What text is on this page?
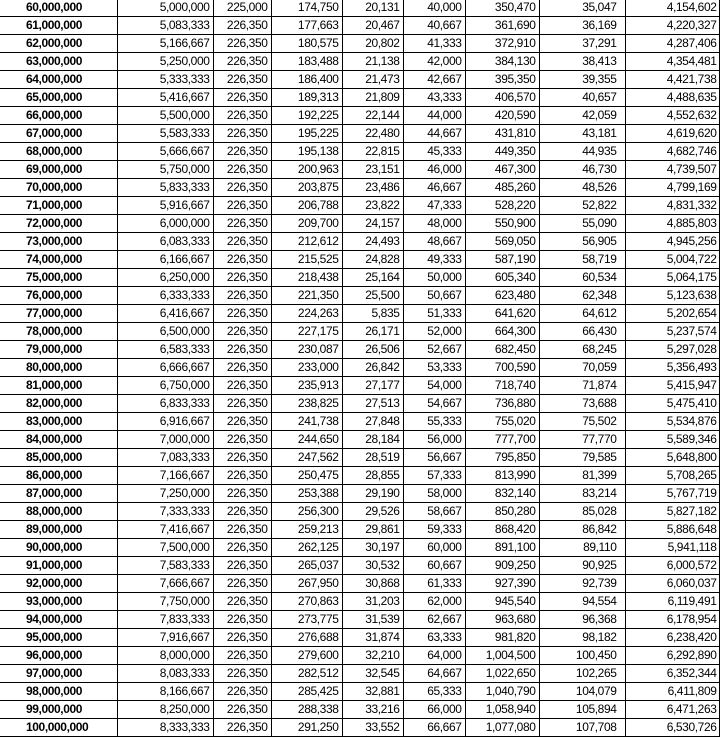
60,000,000	5,000,000	225,000	174,750	20,131	40,000	350,470	35,047	4,154,602
61,000,000	5,083,333	226,350	177,663	20,467	40,667	361,690	36,169	4,220,327
62,000,000	5,166,667	226,350	180,575	20,802	41,333	372,910	37,291	4,287,406
63,000,000	5,250,000	226,350	183,488	21,138	42,000	384,130	38,413	4,354,481
64,000,000	5,333,333	226,350	186,400	21,473	42,667	395,350	39,355	4,421,738
65,000,000	5,416,667	226,350	189,313	21,809	43,333	406,570	40,657	4,488,635
66,000,000	5,500,000	226,350	192,225	22,144	44,000	420,590	42,059	4,552,632
67,000,000	5,583,333	226,350	195,225	22,480	44,667	431,810	43,181	4,619,620
68,000,000	5,666,667	226,350	195,138	22,815	45,333	449,350	44,935	4,682,746
69,000,000	5,750,000	226,350	200,963	23,151	46,000	467,300	46,730	4,739,507
70,000,000	5,833,333	226,350	203,875	23,486	46,667	485,260	48,526	4,799,169
71,000,000	5,916,667	226,350	206,788	23,822	47,333	528,220	52,822	4,831,332
72,000,000	6,000,000	226,350	209,700	24,157	48,000	550,900	55,090	4,885,803
73,000,000	6,083,333	226,350	212,612	24,493	48,667	569,050	56,905	4,945,256
74,000,000	6,166,667	226,350	215,525	24,828	49,333	587,190	58,719	5,004,722
75,000,000	6,250,000	226,350	218,438	25,164	50,000	605,340	60,534	5,064,175
76,000,000	6,333,333	226,350	221,350	25,500	50,667	623,480	62,348	5,123,638
77,000,000	6,416,667	226,350	224,263	5,835	51,333	641,620	64,612	5,202,654
78,000,000	6,500,000	226,350	227,175	26,171	52,000	664,300	66,430	5,237,574
79,000,000	6,583,333	226,350	230,087	26,506	52,667	682,450	68,245	5,297,028
80,000,000	6,666,667	226,350	233,000	26,842	53,333	700,590	70,059	5,356,493
81,000,000	6,750,000	226,350	235,913	27,177	54,000	718,740	71,874	5,415,947
82,000,000	6,833,333	226,350	238,825	27,513	54,667	736,880	73,688	5,475,410
83,000,000	6,916,667	226,350	241,738	27,848	55,333	755,020	75,502	5,534,876
84,000,000	7,000,000	226,350	244,650	28,184	56,000	777,700	77,770	5,589,346
85,000,000	7,083,333	226,350	247,562	28,519	56,667	795,850	79,585	5,648,800
86,000,000	7,166,667	226,350	250,475	28,855	57,333	813,990	81,399	5,708,265
87,000,000	7,250,000	226,350	253,388	29,190	58,000	832,140	83,214	5,767,719
88,000,000	7,333,333	226,350	256,300	29,526	58,667	850,280	85,028	5,827,182
89,000,000	7,416,667	226,350	259,213	29,861	59,333	868,420	86,842	5,886,648
90,000,000	7,500,000	226,350	262,125	30,197	60,000	891,100	89,110	5,941,118
91,000,000	7,583,333	226,350	265,037	30,532	60,667	909,250	90,925	6,000,572
92,000,000	7,666,667	226,350	267,950	30,868	61,333	927,390	92,739	6,060,037
93,000,000	7,750,000	226,350	270,863	31,203	62,000	945,540	94,554	6,119,491
94,000,000	7,833,333	226,350	273,775	31,539	62,667	963,680	96,368	6,178,954
95,000,000	7,916,667	226,350	276,688	31,874	63,333	981,820	98,182	6,238,420
96,000,000	8,000,000	226,350	279,600	32,210	64,000	1,004,500	100,450	6,292,890
97,000,000	8,083,333	226,350	282,512	32,545	64,667	1,022,650	102,265	6,352,344
98,000,000	8,166,667	226,350	285,425	32,881	65,333	1,040,790	104,079	6,411,809
99,000,000	8,250,000	226,350	288,338	33,216	66,000	1,058,940	105,894	6,471,263
100,000,000	8,333,333	226,350	291,250	33,552	66,667	1,077,080	107,708	6,530,726
